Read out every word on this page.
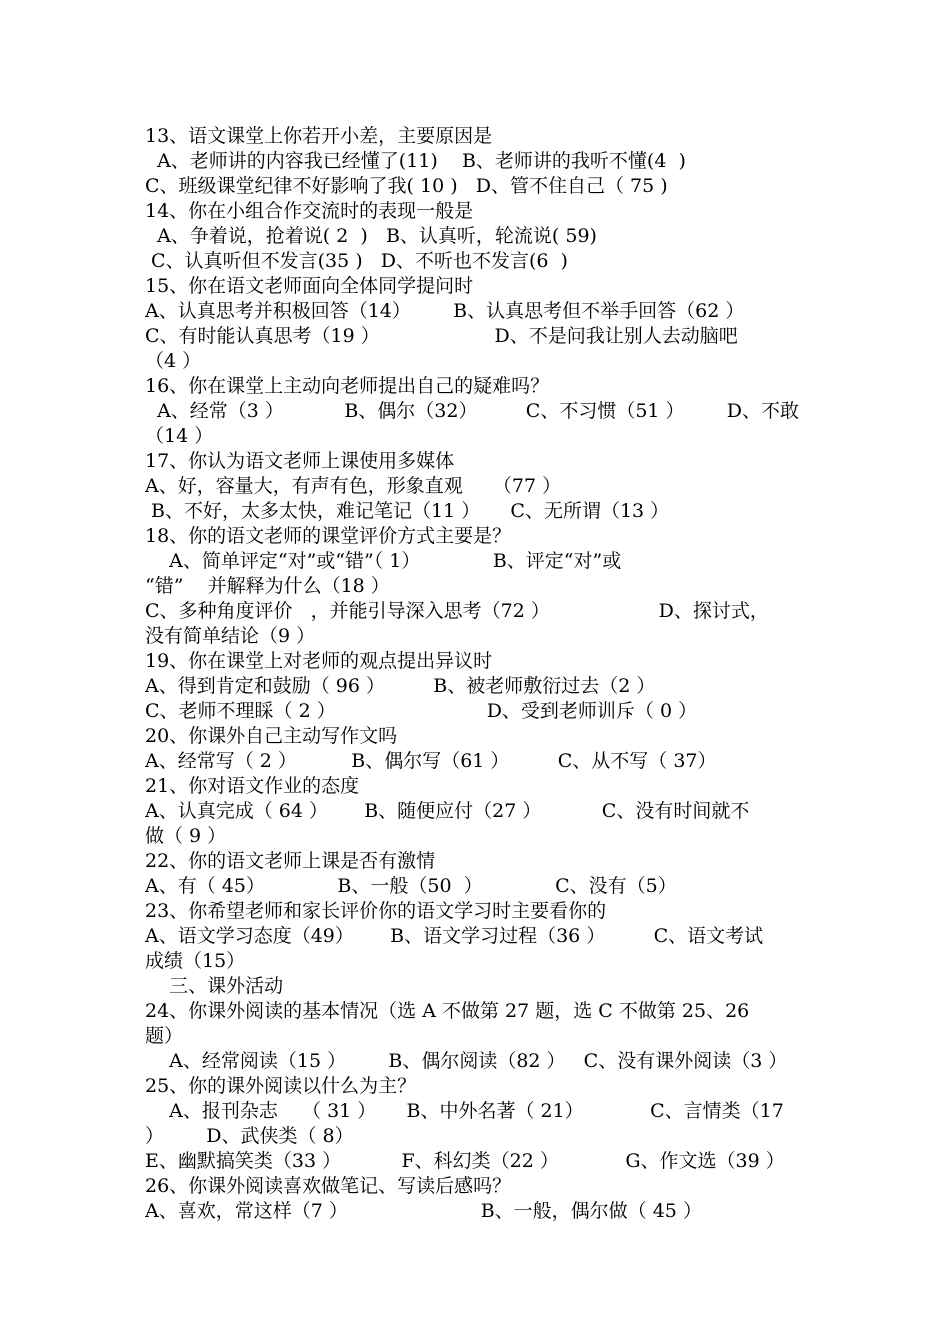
13、语文课堂上你若开小差，主要原因是
A、老师讲的内容我已经懂了(11)    B、老师讲的我听不懂(4  )
C、班级课堂纪律不好影响了我( 10 )   D、管不住自己（ 75 )
14、你在小组合作交流时的表现一般是
A、争着说，抢着说( 2  )   B、认真听，轮流说( 59)
C、认真听但不发言(35 )   D、不听也不发言(6  )
15、你在语文老师面向全体同学提问时
A、认真思考并积极回答（14）       B、认真思考但不举手回答（62 ）
C、有时能认真思考（19 ）                   D、不是问我让别人去动脑吧
（4 ）
16、你在课堂上主动向老师提出自己的疑难吗？
A、经常（3 ）          B、偶尔（32）        C、不习惯（51 ）       D、不敢
（14 ）
17、你认为语文老师上课使用多媒体
A、好，容量大，有声有色，形象直观     （77 ）
B、不好，太多太快，难记笔记（11 ）     C、无所谓（13 ）
18、你的语文老师的课堂评价方式主要是？
A、简单评定“对”或“错”（ 1）            B、评定“对”或
“错”    并解释为什么（18 ）
C、多种角度评价   ，并能引导深入思考（72 ）                  D、探讨式，
没有简单结论（9 ）
19、你在课堂上对老师的观点提出异议时
A、得到肯定和鼓励（ 96 ）        B、被老师敷衍过去（2 ）
C、老师不理睬（ 2 ）                         D、受到老师训斥（ 0 ）
20、你课外自己主动写作文吗
A、经常写（ 2 ）         B、偶尔写（61 ）        C、从不写（ 37）
21、你对语文作业的态度
A、认真完成（ 64 ）      B、随便应付（27 ）          C、没有时间就不
做（ 9 ）
22、你的语文老师上课是否有激情
A、有（ 45）            B、一般（50  ）            C、没有（5）
23、你希望老师和家长评价你的语文学习时主要看你的
A、语文学习态度（49）      B、语文学习过程（36 ）        C、语文考试
成绩（15）
三、课外活动
24、你课外阅读的基本情况（选 A 不做第 27 题，选 C 不做第 25、26
题）
A、经常阅读（15 ）       B、偶尔阅读（82 ）   C、没有课外阅读（3 ）
25、你的课外阅读以什么为主？
A、报刊杂志    （ 31 ）     B、中外名著（ 21）           C、言情类（17
）       D、武侠类（ 8）
E、幽默搞笑类（33 ）          F、科幻类（22 ）           G、作文选（39 ）
26、你课外阅读喜欢做笔记、写读后感吗？
A、喜欢，常这样（7 ）                      B、一般，偶尔做（ 45 ）
